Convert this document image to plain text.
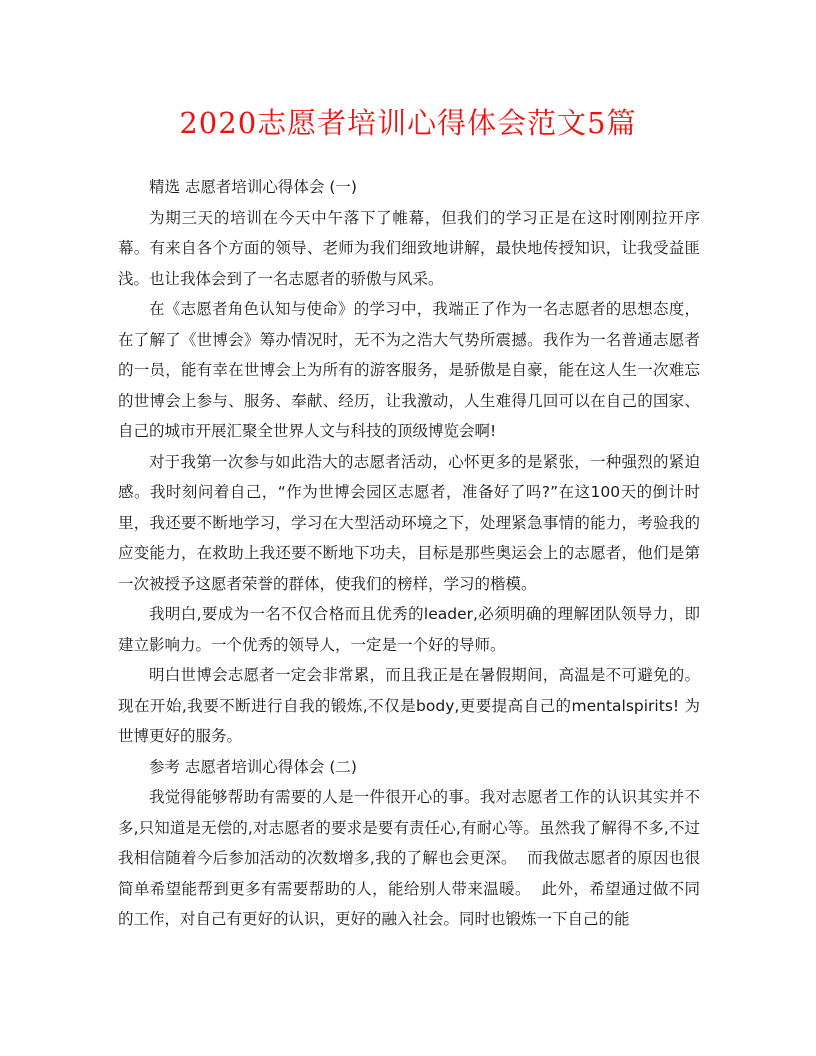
2020志愿者培训心得体会范文5篇

精选 志愿者培训心得体会 (一)

为期三天的培训在今天中午落下了帷幕，但我们的学习正是在这时刚刚拉开序幕。有来自各个方面的领导、老师为我们细致地讲解，最快地传授知识，让我受益匪浅。也让我体会到了一名志愿者的骄傲与风采。

在《志愿者角色认知与使命》的学习中，我端正了作为一名志愿者的思想态度，在了解了《世博会》筹办情况时，无不为之浩大气势所震撼。我作为一名普通志愿者的一员，能有幸在世博会上为所有的游客服务，是骄傲是自豪，能在这人生一次难忘的世博会上参与、服务、奉献、经历，让我激动，人生难得几回可以在自己的国家、自己的城市开展汇聚全世界人文与科技的顶级博览会啊!

对于我第一次参与如此浩大的志愿者活动，心怀更多的是紧张，一种强烈的紧迫感。我时刻问着自己，“作为世博会园区志愿者，准备好了吗?”在这100天的倒计时里，我还要不断地学习，学习在大型活动环境之下，处理紧急事情的能力，考验我的应变能力，在救助上我还要不断地下功夫，目标是那些奥运会上的志愿者，他们是第一次被授予这愿者荣誉的群体，使我们的榜样，学习的楷模。

我明白,要成为一名不仅合格而且优秀的leader,必须明确的理解团队领导力，即建立影响力。一个优秀的领导人，一定是一个好的导师。

明白世博会志愿者一定会非常累，而且我正是在暑假期间，高温是不可避免的。现在开始,我要不断进行自我的锻炼,不仅是body,更要提高自己的mentalspirits! 为世博更好的服务。

参考 志愿者培训心得体会 (二)

我觉得能够帮助有需要的人是一件很开心的事。我对志愿者工作的认识其实并不多,只知道是无偿的,对志愿者的要求是要有责任心,有耐心等。虽然我了解得不多,不过我相信随着今后参加活动的次数增多,我的了解也会更深。  而我做志愿者的原因也很简单希望能帮到更多有需要帮助的人，能给别人带来温暖。  此外，希望通过做不同的工作，对自己有更好的认识，更好的融入社会。同时也锻炼一下自己的能
